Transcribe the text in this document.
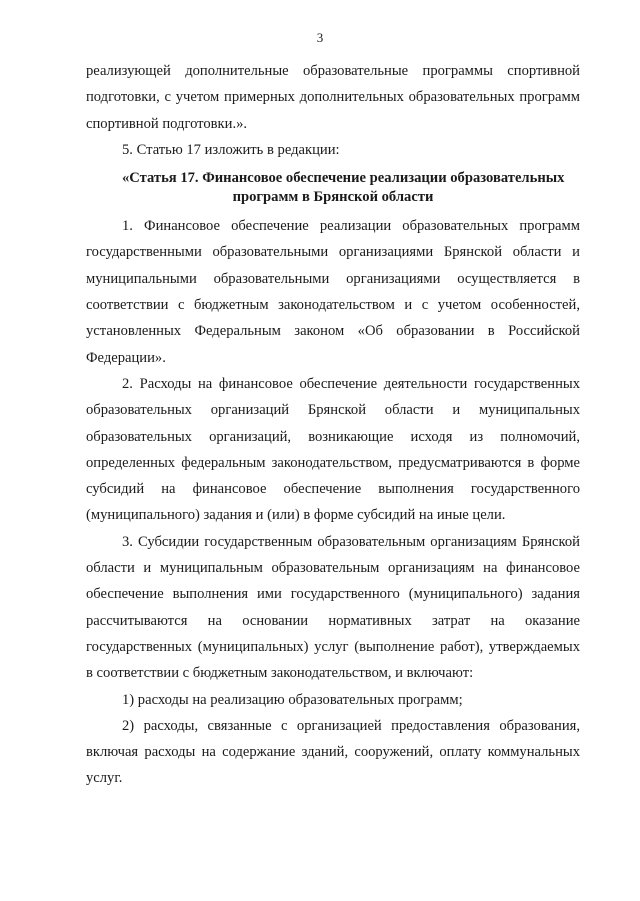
3

реализующей дополнительные образовательные программы спортивной подготовки, с учетом примерных дополнительных образовательных программ спортивной подготовки.».

5. Статью 17 изложить в редакции:

«Статья 17. Финансовое обеспечение реализации образовательных
программ в Брянской области

1. Финансовое обеспечение реализации образовательных программ государственными образовательными организациями Брянской области и муниципальными образовательными организациями осуществляется в соответствии с бюджетным законодательством и с учетом особенностей, установленных Федеральным законом «Об образовании в Российской Федерации».

2. Расходы на финансовое обеспечение деятельности государственных образовательных организаций Брянской области и муниципальных образовательных организаций, возникающие исходя из полномочий, определенных федеральным законодательством, предусматриваются в форме субсидий на финансовое обеспечение выполнения государственного (муниципального) задания и (или) в форме субсидий на иные цели.

3. Субсидии государственным образовательным организациям Брянской области и муниципальным образовательным организациям на финансовое обеспечение выполнения ими государственного (муниципального) задания рассчитываются на основании нормативных затрат на оказание государственных (муниципальных) услуг (выполнение работ), утверждаемых в соответствии с бюджетным законодательством, и включают:

1) расходы на реализацию образовательных программ;

2) расходы, связанные с организацией предоставления образования, включая расходы на содержание зданий, сооружений, оплату коммунальных услуг.
